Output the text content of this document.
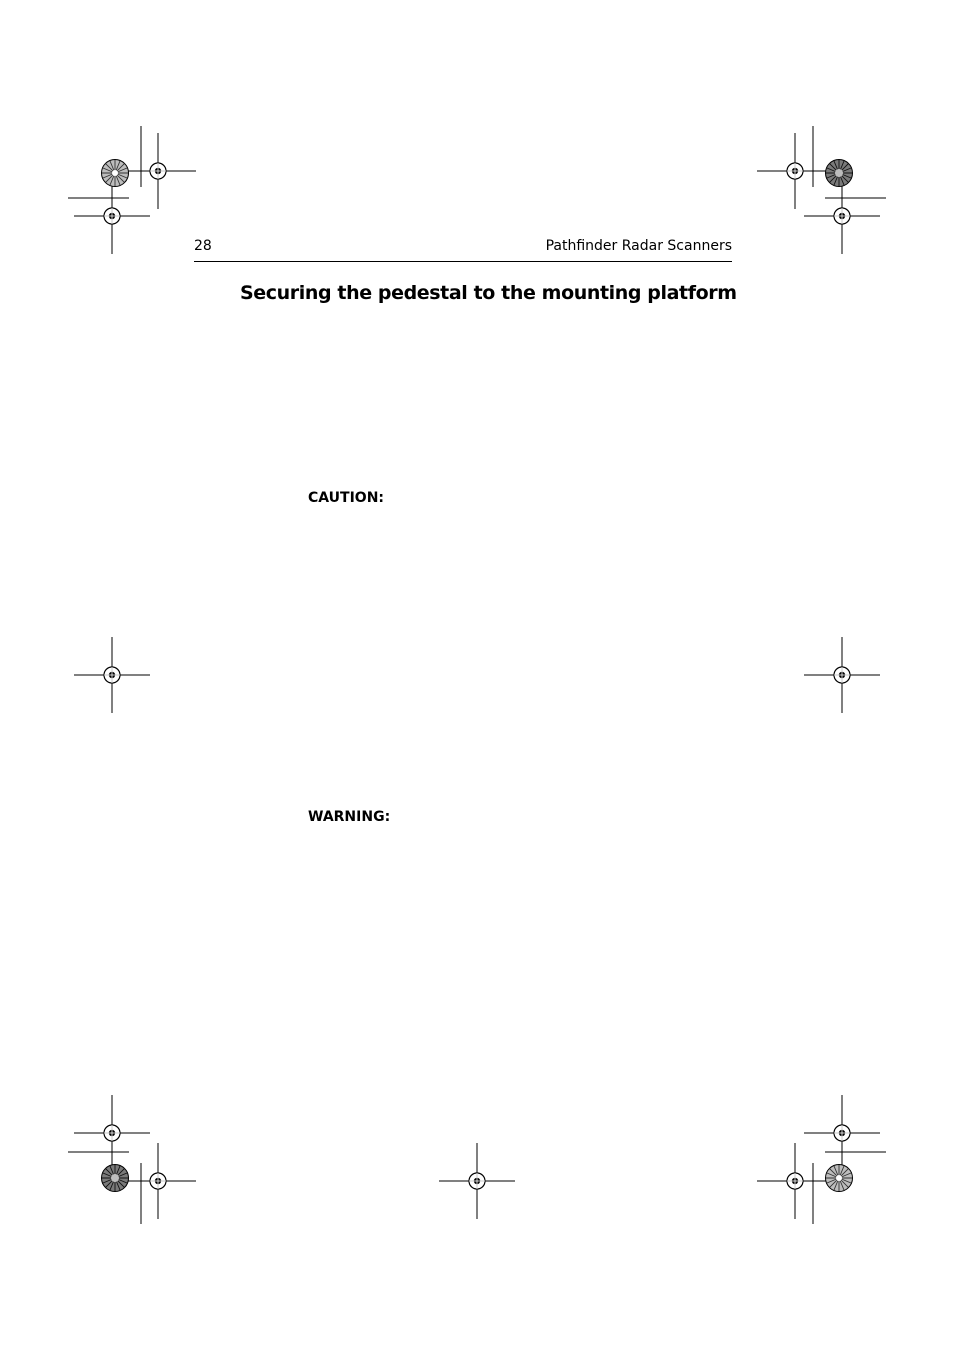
28	Pathfinder Radar Scanners
Securing the pedestal to the mounting platform
CAUTION:
WARNING:
